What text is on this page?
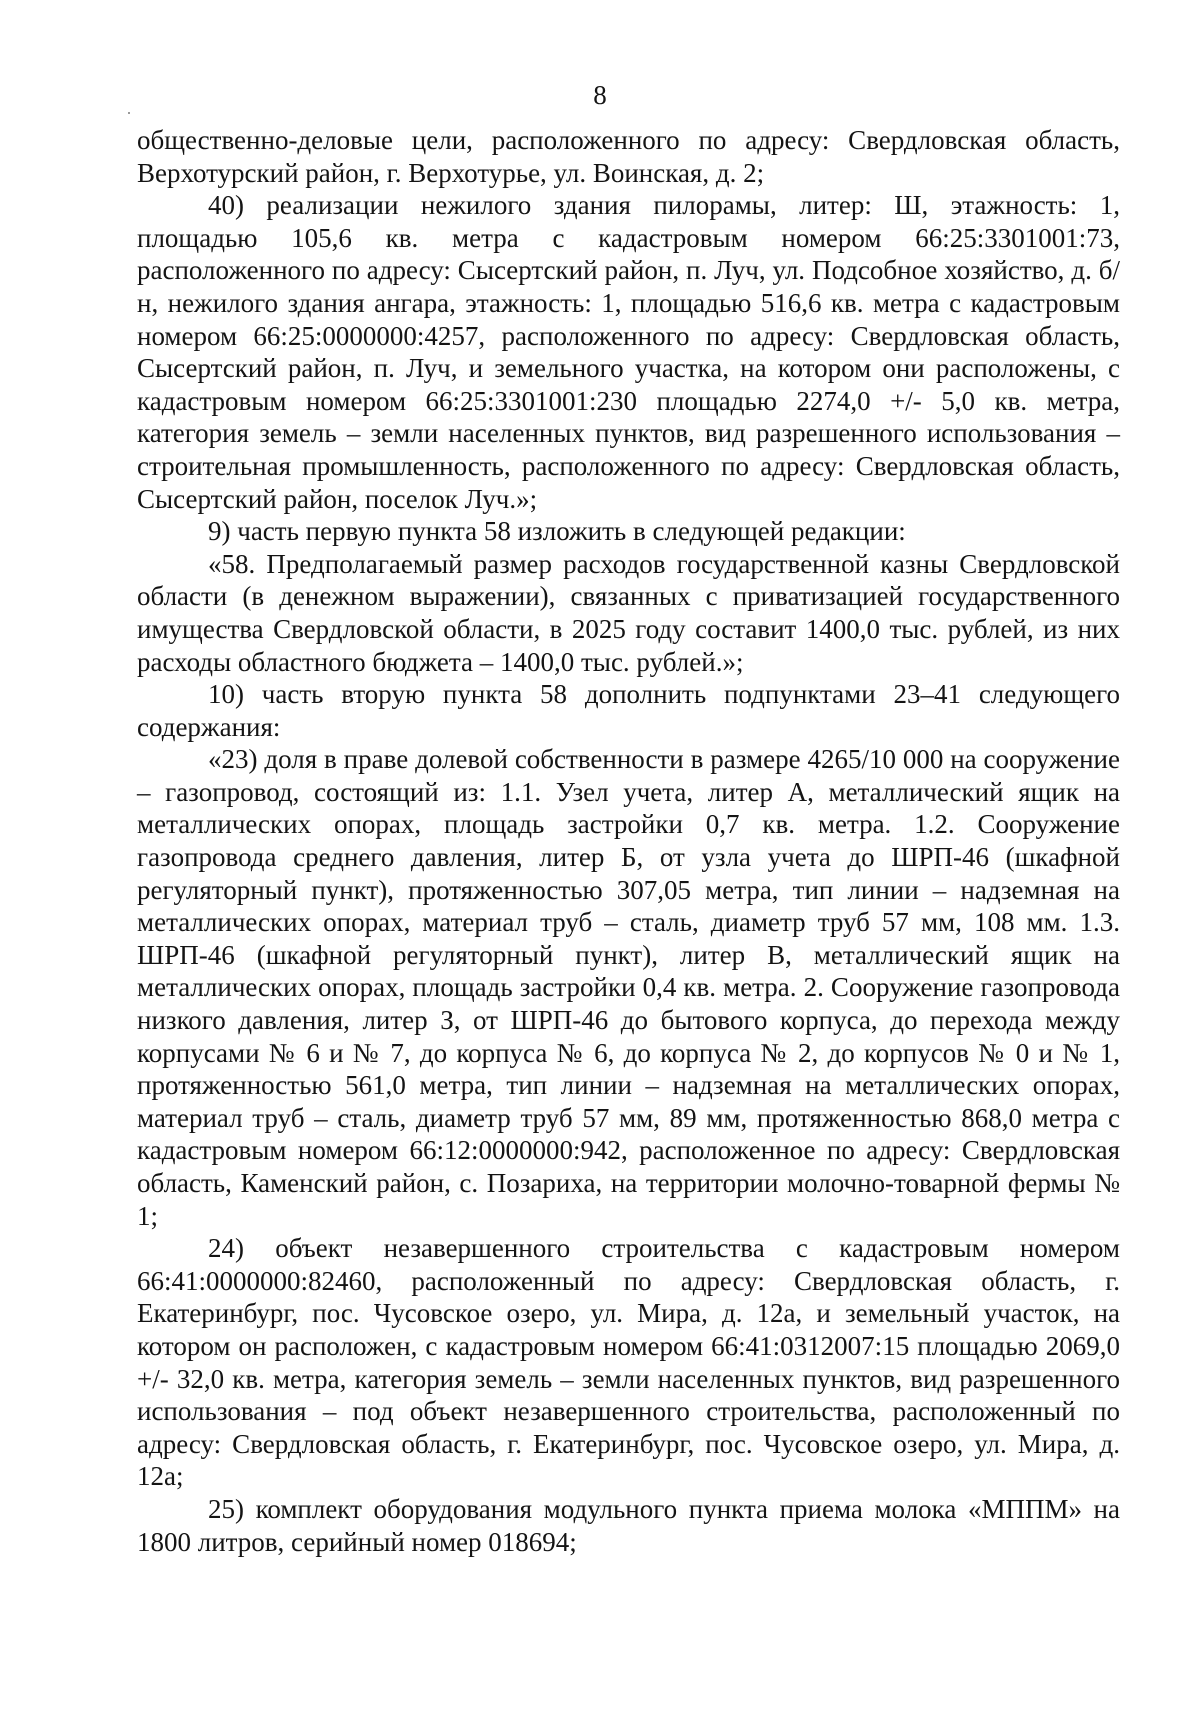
8

общественно-деловые цели, расположенного по адресу: Свердловская область, Верхотурский район, г. Верхотурье, ул. Воинская, д. 2;

40) реализации нежилого здания пилорамы, литер: Ш, этажность: 1, площадью 105,6 кв. метра с кадастровым номером 66:25:3301001:73, расположенного по адресу: Сысертский район, п. Луч, ул. Подсобное хозяйство, д. б/н, нежилого здания ангара, этажность: 1, площадью 516,6 кв. метра с кадастровым номером 66:25:0000000:4257, расположенного по адресу: Свердловская область, Сысертский район, п. Луч, и земельного участка, на котором они расположены, с кадастровым номером 66:25:3301001:230 площадью 2274,0 +/- 5,0 кв. метра, категория земель – земли населенных пунктов, вид разрешенного использования – строительная промышленность, расположенного по адресу: Свердловская область, Сысертский район, поселок Луч.»;

9) часть первую пункта 58 изложить в следующей редакции:

«58. Предполагаемый размер расходов государственной казны Свердловской области (в денежном выражении), связанных с приватизацией государственного имущества Свердловской области, в 2025 году составит 1400,0 тыс. рублей, из них расходы областного бюджета – 1400,0 тыс. рублей.»;

10) часть вторую пункта 58 дополнить подпунктами 23–41 следующего содержания:

«23) доля в праве долевой собственности в размере 4265/10 000 на сооружение – газопровод, состоящий из: 1.1. Узел учета, литер А, металлический ящик на металлических опорах, площадь застройки 0,7 кв. метра. 1.2. Сооружение газопровода среднего давления, литер Б, от узла учета до ШРП-46 (шкафной регуляторный пункт), протяженностью 307,05 метра, тип линии – надземная на металлических опорах, материал труб – сталь, диаметр труб 57 мм, 108 мм. 1.3. ШРП-46 (шкафной регуляторный пункт), литер В, металлический ящик на металлических опорах, площадь застройки 0,4 кв. метра. 2. Сооружение газопровода низкого давления, литер З, от ШРП-46 до бытового корпуса, до перехода между корпусами № 6 и № 7, до корпуса № 6, до корпуса № 2, до корпусов № 0 и № 1, протяженностью 561,0 метра, тип линии – надземная на металлических опорах, материал труб – сталь, диаметр труб 57 мм, 89 мм, протяженностью 868,0 метра с кадастровым номером 66:12:0000000:942, расположенное по адресу: Свердловская область, Каменский район, с. Позариха, на территории молочно-товарной фермы № 1;

24) объект незавершенного строительства с кадастровым номером 66:41:0000000:82460, расположенный по адресу: Свердловская область, г. Екатеринбург, пос. Чусовское озеро, ул. Мира, д. 12а, и земельный участок, на котором он расположен, с кадастровым номером 66:41:0312007:15 площадью 2069,0 +/- 32,0 кв. метра, категория земель – земли населенных пунктов, вид разрешенного использования – под объект незавершенного строительства, расположенный по адресу: Свердловская область, г. Екатеринбург, пос. Чусовское озеро, ул. Мира, д. 12а;

25) комплект оборудования модульного пункта приема молока «МППМ» на 1800 литров, серийный номер 018694;
